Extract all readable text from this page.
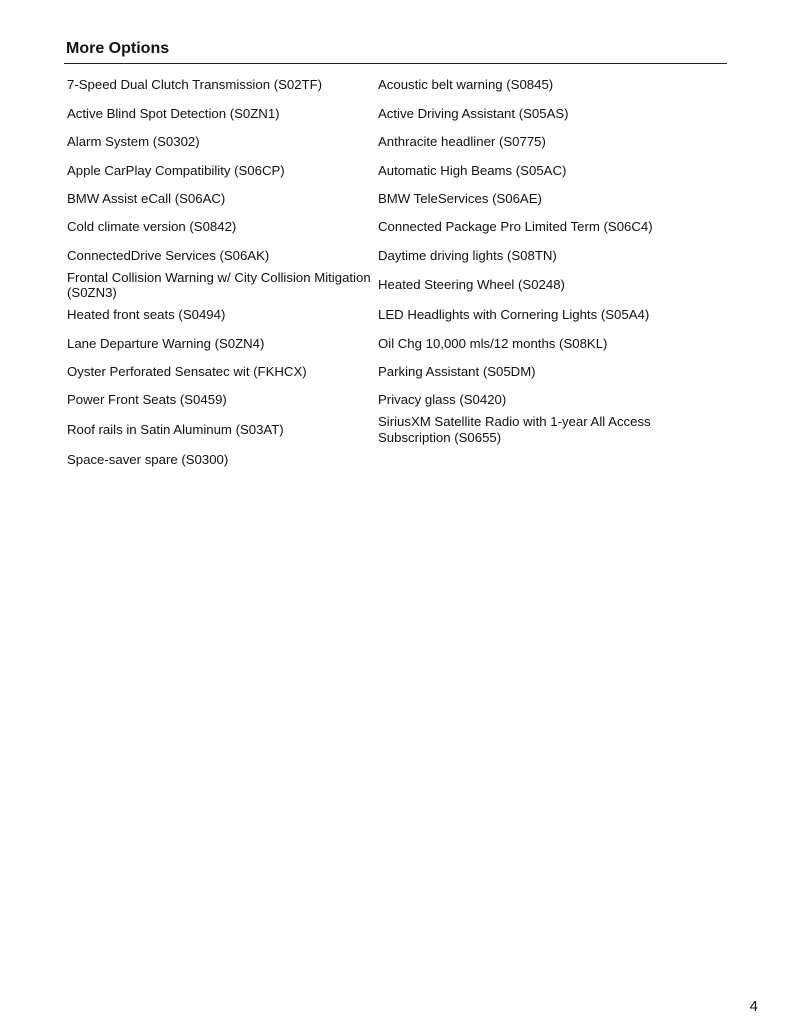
More Options
7-Speed Dual Clutch Transmission (S02TF)	Acoustic belt warning (S0845)
Active Blind Spot Detection (S0ZN1)	Active Driving Assistant (S05AS)
Alarm System (S0302)	Anthracite headliner (S0775)
Apple CarPlay Compatibility (S06CP)	Automatic High Beams (S05AC)
BMW Assist eCall (S06AC)	BMW TeleServices (S06AE)
Cold climate version (S0842)	Connected Package Pro Limited Term (S06C4)
ConnectedDrive Services (S06AK)	Daytime driving lights (S08TN)
Frontal Collision Warning w/ City Collision Mitigation (S0ZN3)	Heated Steering Wheel (S0248)
Heated front seats (S0494)	LED Headlights with Cornering Lights (S05A4)
Lane Departure Warning (S0ZN4)	Oil Chg 10,000 mls/12 months (S08KL)
Oyster Perforated Sensatec wit (FKHCX)	Parking Assistant (S05DM)
Power Front Seats (S0459)	Privacy glass (S0420)
Roof rails in Satin Aluminum (S03AT)	SiriusXM Satellite Radio with 1-year All Access Subscription (S0655)
Space-saver spare (S0300)	
4
